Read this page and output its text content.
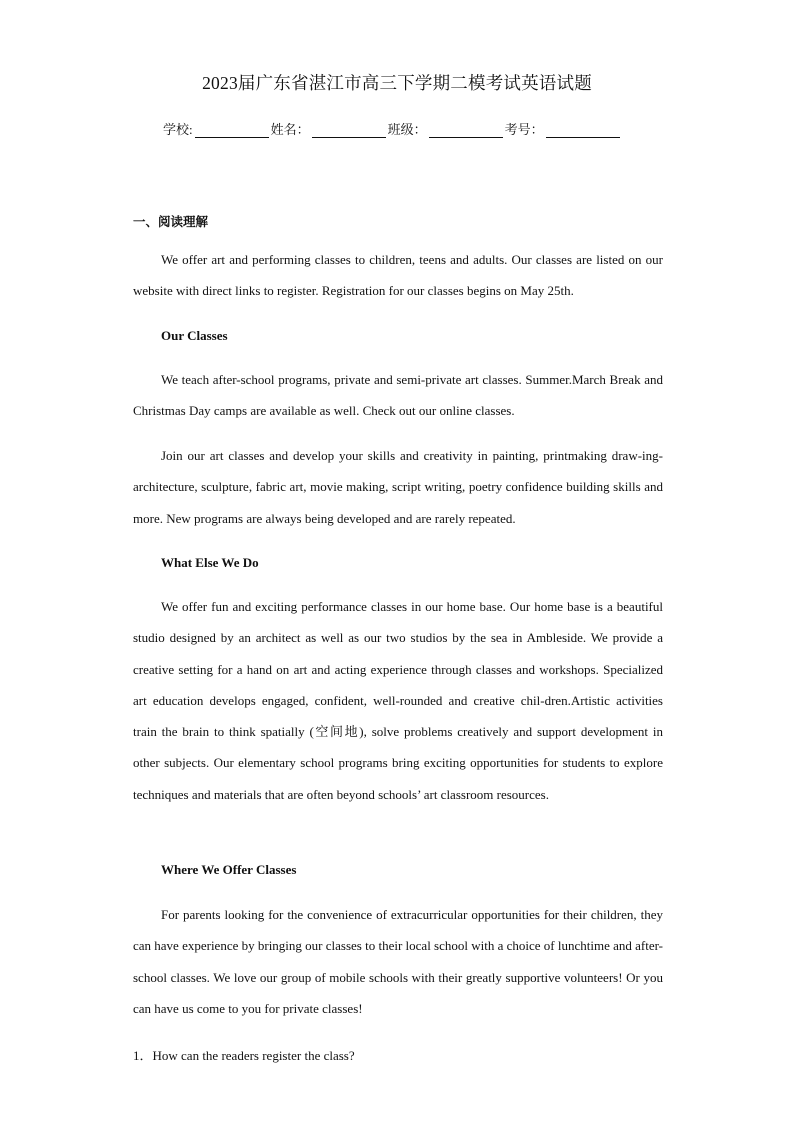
2023届广东省湛江市高三下学期二模考试英语试题
学校:	姓名：	班级：	考号：
一、阅读理解

We offer art and performing classes to children, teens and adults. Our classes are listed on our website with direct links to register. Registration for our classes begins on May 25th.

Our Classes

We teach after-school programs, private and semi-private art classes. Summer.March Break and Christmas Day camps are available as well. Check out our online classes.

Join our art classes and develop your skills and creativity in painting, printmaking draw-ing- architecture, sculpture, fabric art, movie making, script writing, poetry confidence building skills and more. New programs are always being developed and are rarely repeated.

What Else We Do

We offer fun and exciting performance classes in our home base. Our home base is a beautiful studio designed by an architect as well as our two studios by the sea in Ambleside. We provide a creative setting for a hand on art and acting experience through classes and workshops. Specialized art education develops engaged, confident, well-rounded and creative chil-dren.Artistic activities train the brain to think spatially (空间地), solve problems creatively and support development in other subjects. Our elementary school programs bring exciting opportunities for students to explore techniques and materials that are often beyond schools’ art classroom resources.

Where We Offer Classes

For parents looking for the convenience of extracurricular opportunities for their children, they can have experience by bringing our classes to their local school with a choice of lunchtime and after-school classes. We love our group of mobile schools with their greatly supportive volunteers! Or you can have us come to you for private classes!

1．How can the readers register the class?
